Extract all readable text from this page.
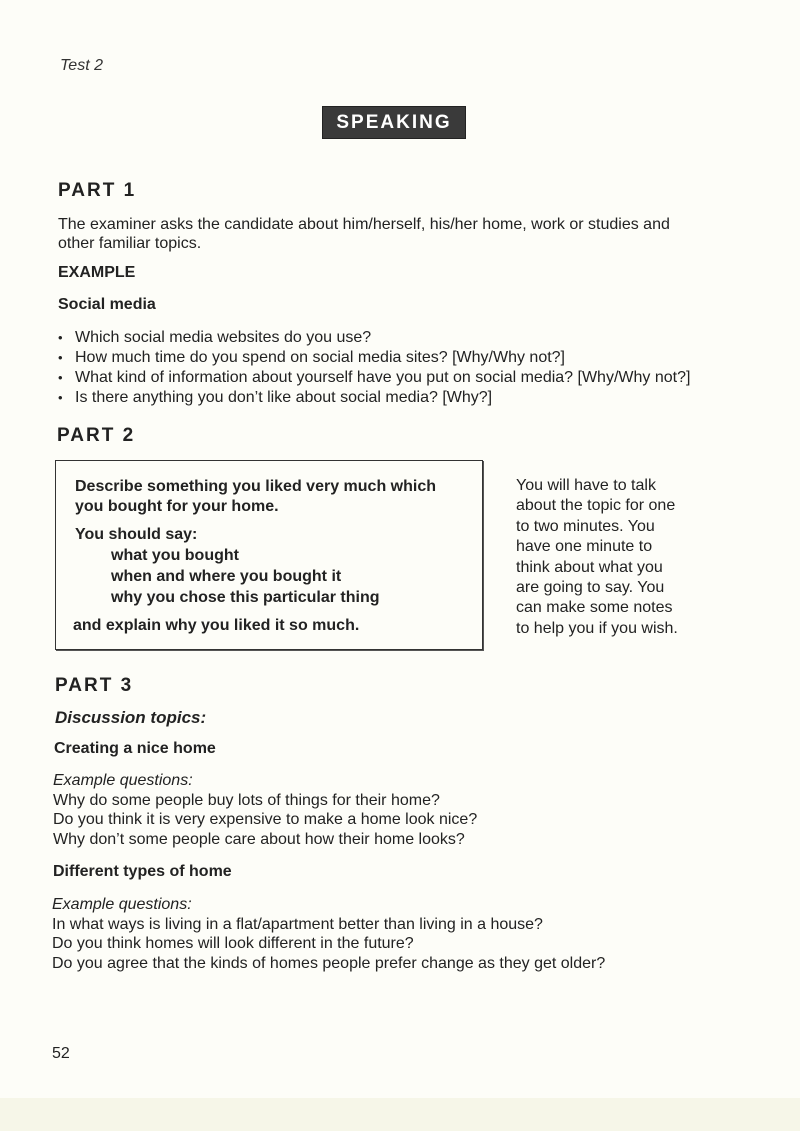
Test 2
SPEAKING
PART 1
The examiner asks the candidate about him/herself, his/her home, work or studies and
other familiar topics.
EXAMPLE
Social media
• Which social media websites do you use?
• How much time do you spend on social media sites? [Why/Why not?]
• What kind of information about yourself have you put on social media? [Why/Why not?]
• Is there anything you don’t like about social media? [Why?]
PART 2
Describe something you liked very much which
you bought for your home.
You should say:
what you bought
when and where you bought it
why you chose this particular thing
and explain why you liked it so much.
You will have to talk
about the topic for one
to two minutes. You
have one minute to
think about what you
are going to say. You
can make some notes
to help you if you wish.
PART 3
Discussion topics:
Creating a nice home
Example questions:
Why do some people buy lots of things for their home?
Do you think it is very expensive to make a home look nice?
Why don’t some people care about how their home looks?
Different types of home
Example questions:
In what ways is living in a flat/apartment better than living in a house?
Do you think homes will look different in the future?
Do you agree that the kinds of homes people prefer change as they get older?
52
